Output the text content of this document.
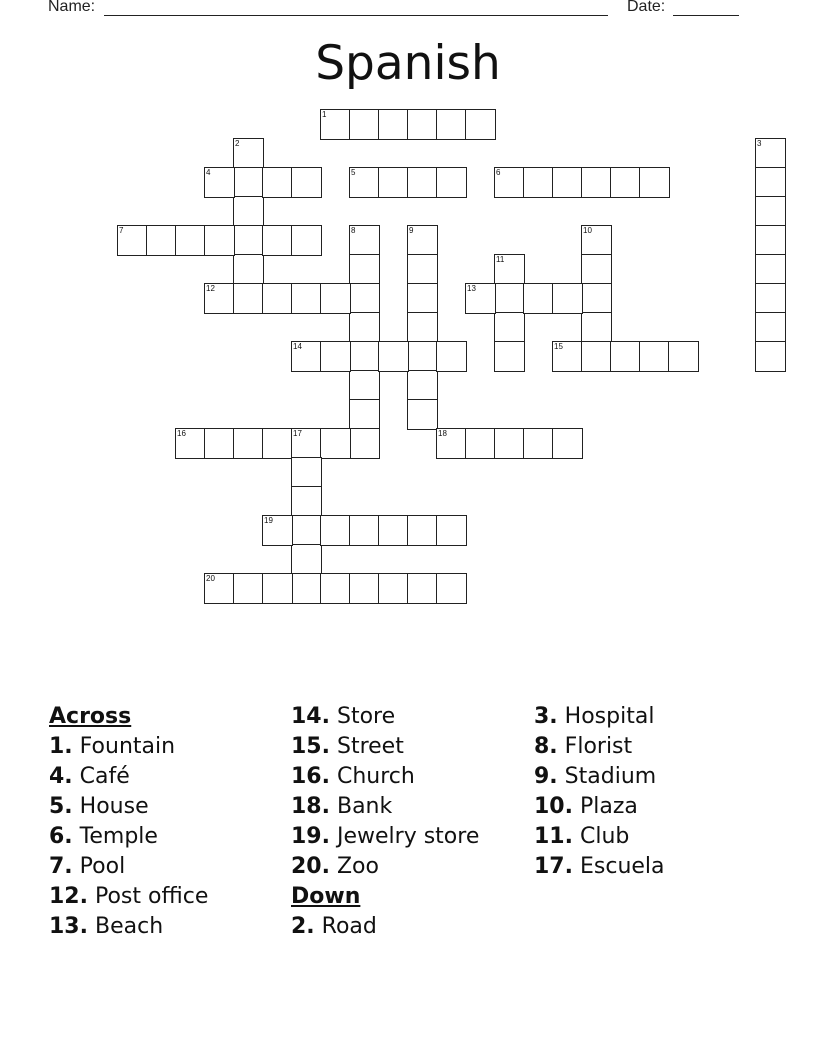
Name:	Date:
Spanish
1
2	3
4	5	6
7	8	9	10
11
12	13
14	15
16	17	18
19
20
Across
1. Fountain
4. Café
5. House
6. Temple
7. Pool
12. Post office
13. Beach
14. Store
15. Street
16. Church
18. Bank
19. Jewelry store
20. Zoo
Down
2. Road
3. Hospital
8. Florist
9. Stadium
10. Plaza
11. Club
17. Escuela
